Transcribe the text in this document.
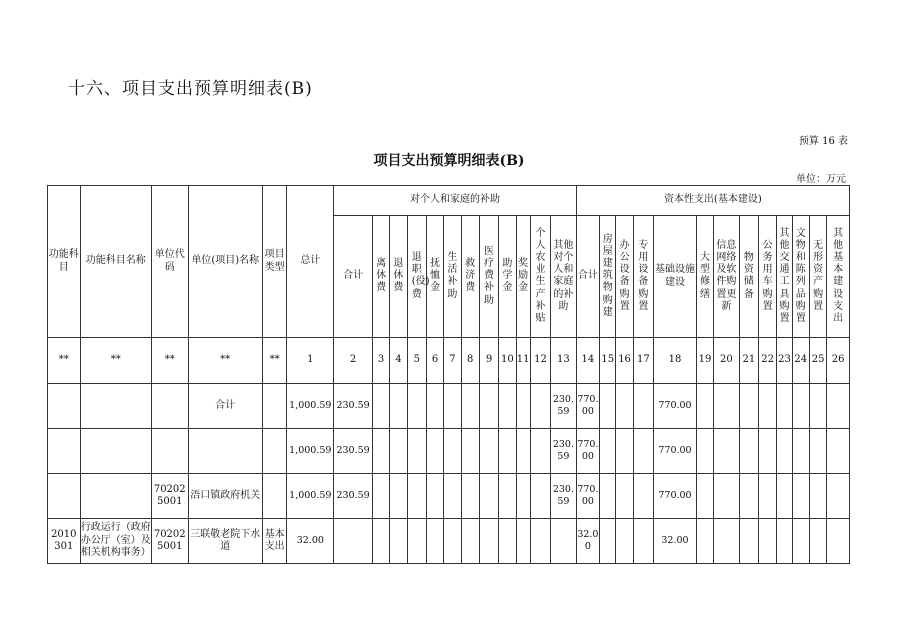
十六、项目支出预算明细表(B)
预算 16 表
项目支出预算明细表(B)
单位：万元
功能科目	功能科目名称	单位代码	单位(项目)名称	项目类型	总计	对个人和家庭的补助												资本性支出(基本建设)												
						合计	离休费	退休费	退职(役)费	抚恤金	生活补助	救济费	医疗费补助	助学金	奖励金	个人农业生产补贴	其他对个人和家庭的补助	合计	房屋建筑物购建	办公设备购置	专用设备购置	基础设施建设	大型修缮	信息网络及软件购置更新	物资储备	公务用车购置	其他交通工具购置	文物和陈列品购置	无形资产购置	其他基本建设支出
**	**	**	**	**	1	2	3	4	5	6	7	8	9	10	11	12	13	14	15	16	17	18	19	20	21	22	23	24	25	26
			合计		1,000.59	230.59											230.59	770.00				770.00								
					1,000.59	230.59											230.59	770.00				770.00								
		702025001	浯口镇政府机关		1,000.59	230.59											230.59	770.00				770.00								
2010301	行政运行（政府办公厅（室）及相关机构事务）	702025001	三联敬老院下水道	基本支出	32.00													32.00				32.00								
